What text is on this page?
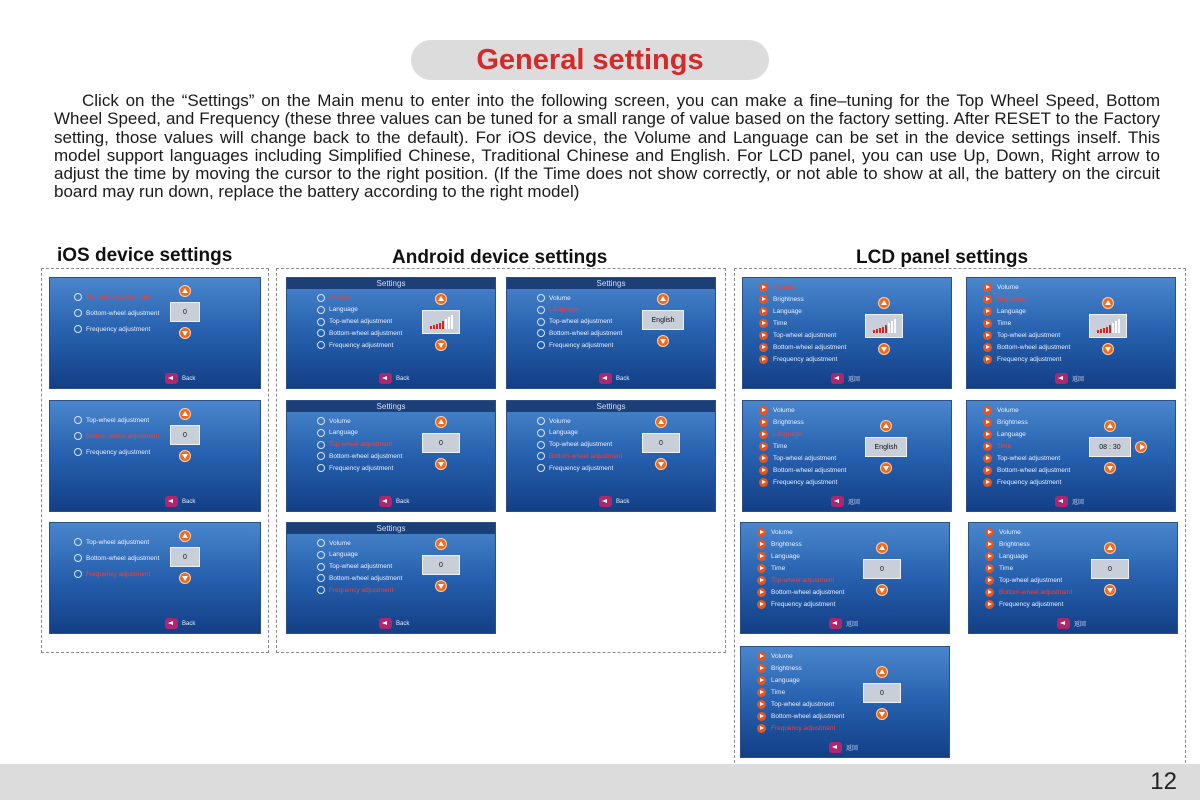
General settings
Click on the “Settings” on the Main menu to enter into the following screen, you can make a fine–tuning for the Top Wheel Speed, Bottom Wheel Speed, and Frequency (these three values can be tuned for a small range of value based on the factory setting. After RESET to the Factory setting, those values will change back to the default). For iOS device, the Volume and Language can be set in the device settings inself. This model support languages including Simplified Chinese, Traditional Chinese and English. For LCD panel, you can use Up, Down, Right arrow to adjust the time by moving the cursor to the right position. (If the Time does not show correctly, or not able to show at all, the battery on the circuit board may run down, replace the battery according to the right model)
iOS device settings	Android device settings	LCD panel settings
Top-wheel adjustment
Bottom-wheel adjustment
Frequency adjustment
0
Back
Top-wheel adjustment
Bottom-wheel adjustment
Frequency adjustment
0
Back
Top-wheel adjustment
Bottom-wheel adjustment
Frequency adjustment
0
Back
Settings
Volume
Language
Top-wheel adjustment
Bottom-wheel adjustment
Frequency adjustment
Back
Settings
Volume
Language
Top-wheel adjustment
Bottom-wheel adjustment
Frequency adjustment
English
Back
Settings
Volume
Language
Top-wheel adjustment
Bottom-wheel adjustment
Frequency adjustment
0
Back
Settings
Volume
Language
Top-wheel adjustment
Bottom-wheel adjustment
Frequency adjustment
0
Back
Settings
Volume
Language
Top-wheel adjustment
Bottom-wheel adjustment
Frequency adjustment
0
Back
Volume
Brightness
Language
Time
Top-wheel adjustment
Bottom-wheel adjustment
Frequency adjustment
返回
Volume
Brightness
Language
Time
Top-wheel adjustment
Bottom-wheel adjustment
Frequency adjustment
返回
Volume
Brightness
Language
Time
Top-wheel adjustment
Bottom-wheel adjustment
Frequency adjustment
English
返回
Volume
Brightness
Language
Time
Top-wheel adjustment
Bottom-wheel adjustment
Frequency adjustment
08 : 30
返回
Volume
Brightness
Language
Time
Top-wheel adjustment
Bottom-wheel adjustment
Frequency adjustment
0
返回
Volume
Brightness
Language
Time
Top-wheel adjustment
Bottom-wheel adjustment
Frequency adjustment
0
返回
Volume
Brightness
Language
Time
Top-wheel adjustment
Bottom-wheel adjustment
Frequency adjustment
0
返回
12
